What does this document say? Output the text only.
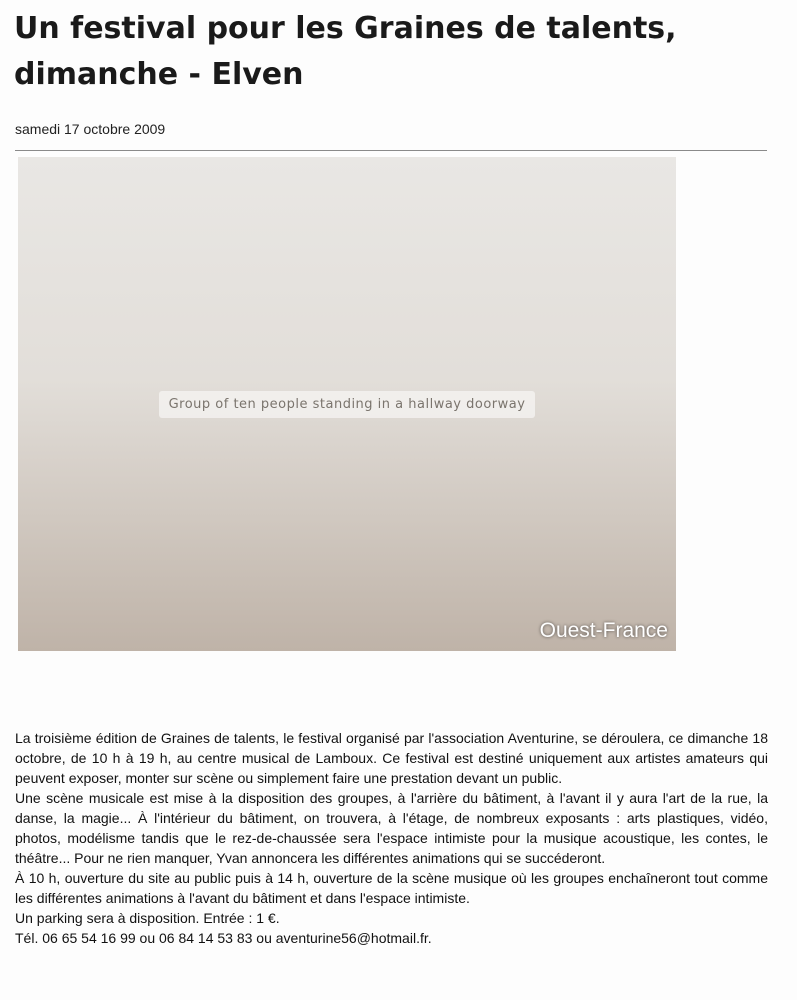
Un festival pour les Graines de talents, dimanche - Elven
samedi 17 octobre 2009
Group of ten people standing in a hallway doorway
Ouest-France

La troisième édition de Graines de talents, le festival organisé par l'association Aventurine, se déroulera, ce dimanche 18 octobre, de 10 h à 19 h, au centre musical de Lamboux. Ce festival est destiné uniquement aux artistes amateurs qui peuvent exposer, monter sur scène ou simplement faire une prestation devant un public.

Une scène musicale est mise à la disposition des groupes, à l'arrière du bâtiment, à l'avant il y aura l'art de la rue, la danse, la magie... À l'intérieur du bâtiment, on trouvera, à l'étage, de nombreux exposants : arts plastiques, vidéo, photos, modélisme tandis que le rez-de-chaussée sera l'espace intimiste pour la musique acoustique, les contes, le théâtre... Pour ne rien manquer, Yvan annoncera les différentes animations qui se succéderont.

À 10 h, ouverture du site au public puis à 14 h, ouverture de la scène musique où les groupes enchaîneront tout comme les différentes animations à l'avant du bâtiment et dans l'espace intimiste.

Un parking sera à disposition. Entrée : 1 €.

Tél. 06 65 54 16 99 ou 06 84 14 53 83 ou aventurine56@hotmail.fr.
